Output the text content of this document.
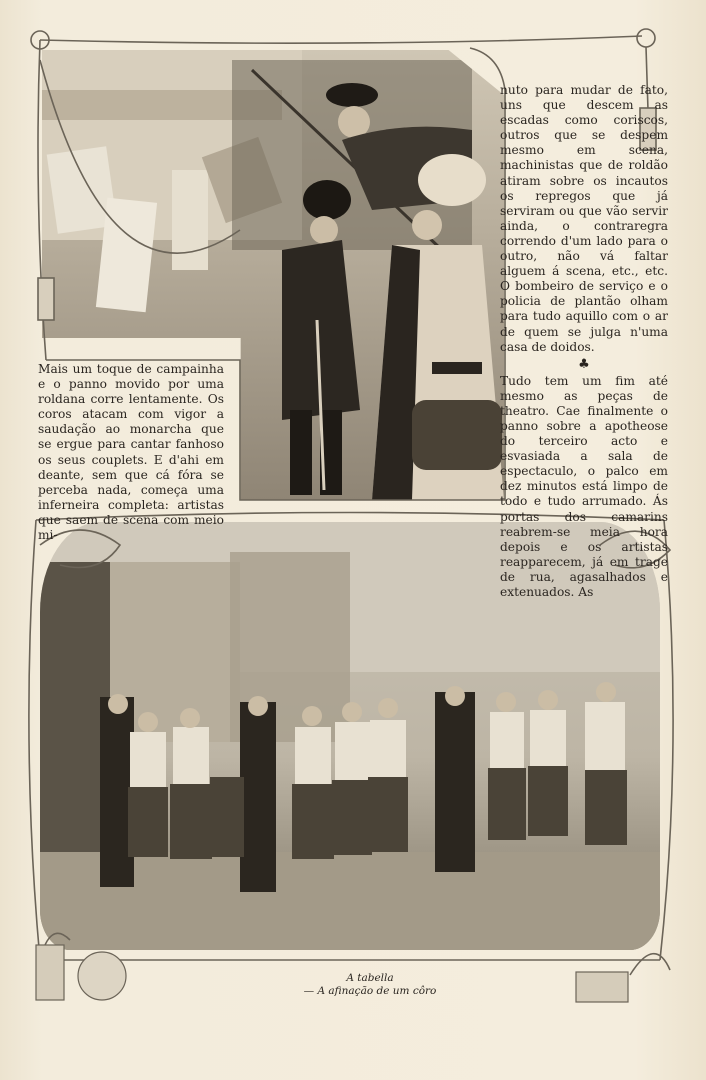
Mais um toque de campainha e o panno movido por uma roldana corre lentamente. Os coros atacam com vigor a saudação ao monarcha que se ergue para cantar fanhoso os seus couplets. E d'ahi em deante, sem que cá fóra se perceba nada, começa uma inferneira completa: artistas que saem de scena com meio mi-

nuto para mudar de fato, uns que descem as escadas como coriscos, outros que se despem mesmo em scena, machinistas que de roldão atiram sobre os incautos os repregos que já serviram ou que vão servir ainda, o contraregra correndo d'um lado para o outro, não vá faltar alguem á scena, etc., etc. O bombeiro de serviço e o policia de plantão olham para tudo aquillo com o ar de quem se julga n'uma casa de doidos.

♣

Tudo tem um fim até mesmo as peças de theatro. Cae finalmente o panno sobre a apotheose do terceiro acto e esvasiada a sala de espectaculo, o palco em dez minutos está limpo de todo e tudo arrumado. Ás portas dos camarins reabrem-se meia hora depois e os artistas reapparecem, já em trage de rua, agasalhados e extenuados. As

A tabella
— A afinação de um côro
